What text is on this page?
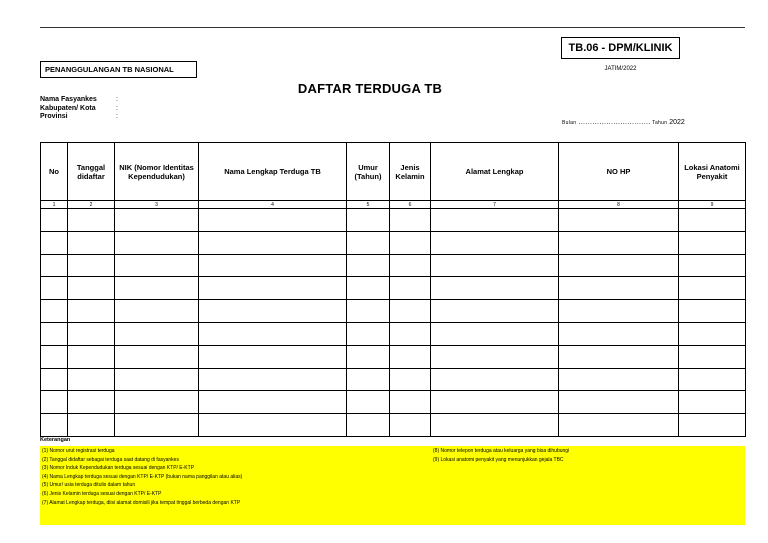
TB.06 - DPM/KLINIK
JATIM/2022
PENANGGULANGAN TB NASIONAL
DAFTAR TERDUGA TB
Nama Fasyankes	:
Kabupaten/ Kota	:
Provinsi	:
Bulan …………………………. Tahun 2022
No	Tanggal didaftar	NIK (Nomor Identitas Kependudukan)	Nama Lengkap Terduga TB	Umur (Tahun)	Jenis Kelamin	Alamat Lengkap	NO HP	Lokasi Anatomi Penyakit
1	2	3	4	5	6	7	8	9

Keterangan
(1) Nomor urut registrasi terduga
(2) Tanggal didaftar sebagai terduga saat datang di fasyankes
(3) Nomor Induk Kependudukan terduga sesuai dengan KTP/ E-KTP
(4) Nama Lengkap terduga sesuai dengan KTP/ E-KTP (bukan nama panggilan atau alias)
(5) Umur/ usia terduga ditulis dalam tahun
(6) Jenis Kelamin terduga sesuai dengan KTP/ E-KTP
(7) Alamat Lengkap terduga, diisi alamat domisili jika tempat tinggal berbeda dengan KTP
(8) Nomor telepon terduga atau keluarga yang bisa dihubungi
(9) Lokasi anatomi penyakit yang menunjukkan gejala TBC
